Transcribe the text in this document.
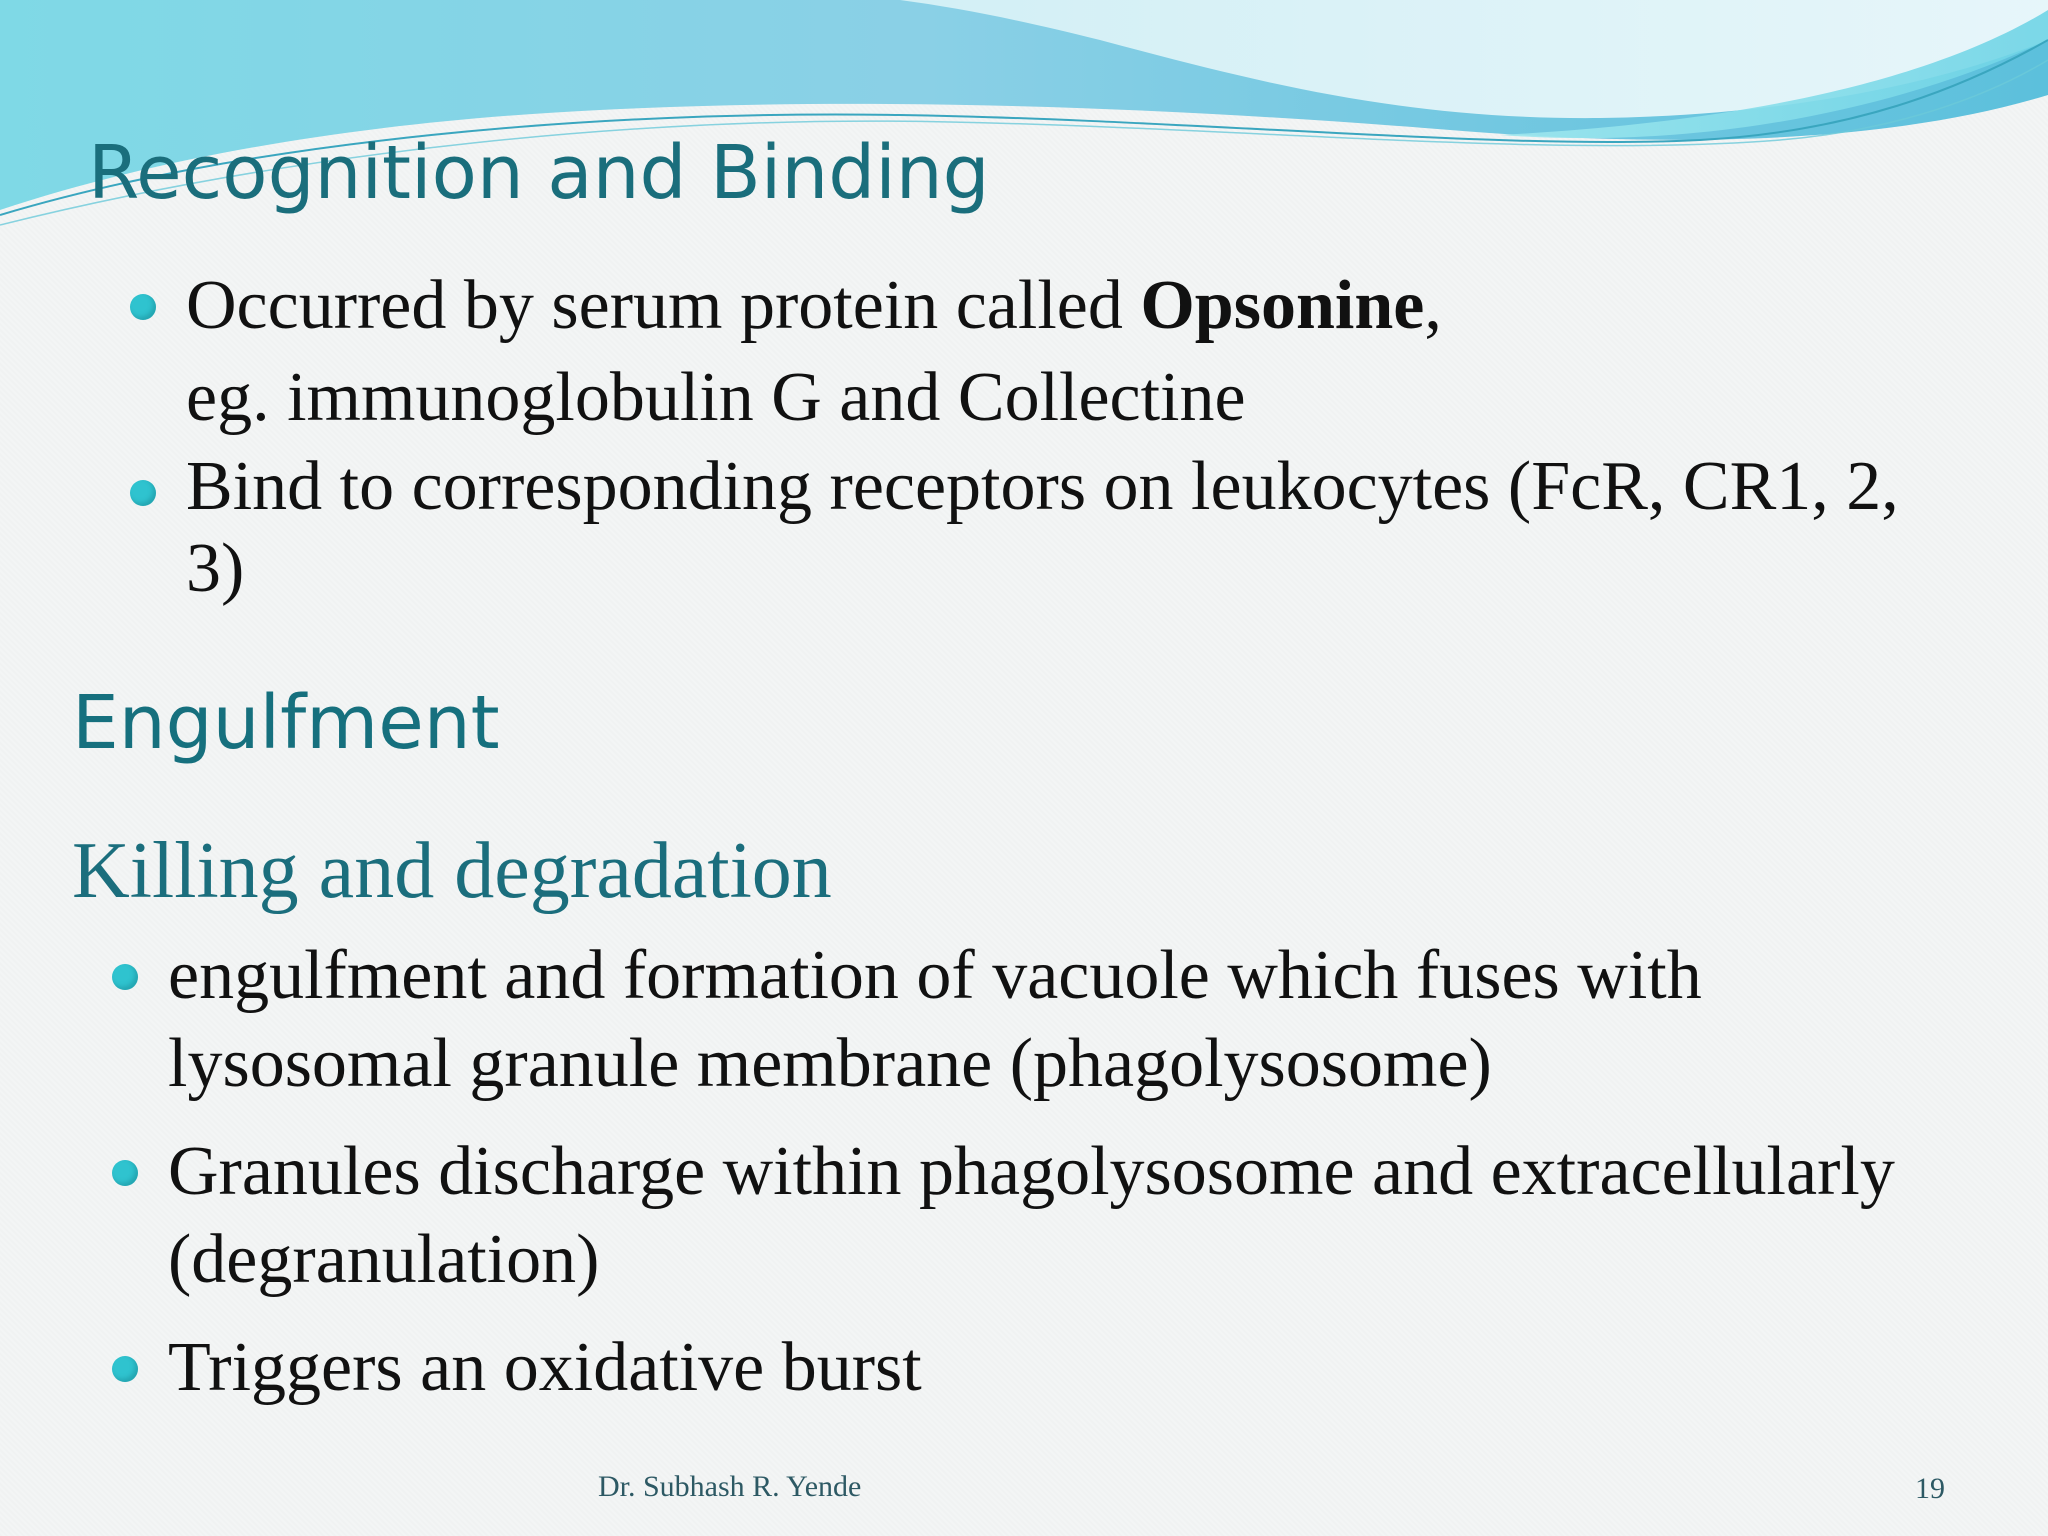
Recognition and Binding
Occurred by serum protein called Opsonine,
eg. immunoglobulin G and Collectine
Bind to corresponding receptors on leukocytes (FcR, CR1, 2, 3)
Engulfment
Killing and degradation
engulfment and formation of vacuole which fuses with lysosomal granule membrane (phagolysosome)
Granules discharge within phagolysosome and extracellularly (degranulation)
Triggers an oxidative burst
Dr. Subhash R. Yende	19
